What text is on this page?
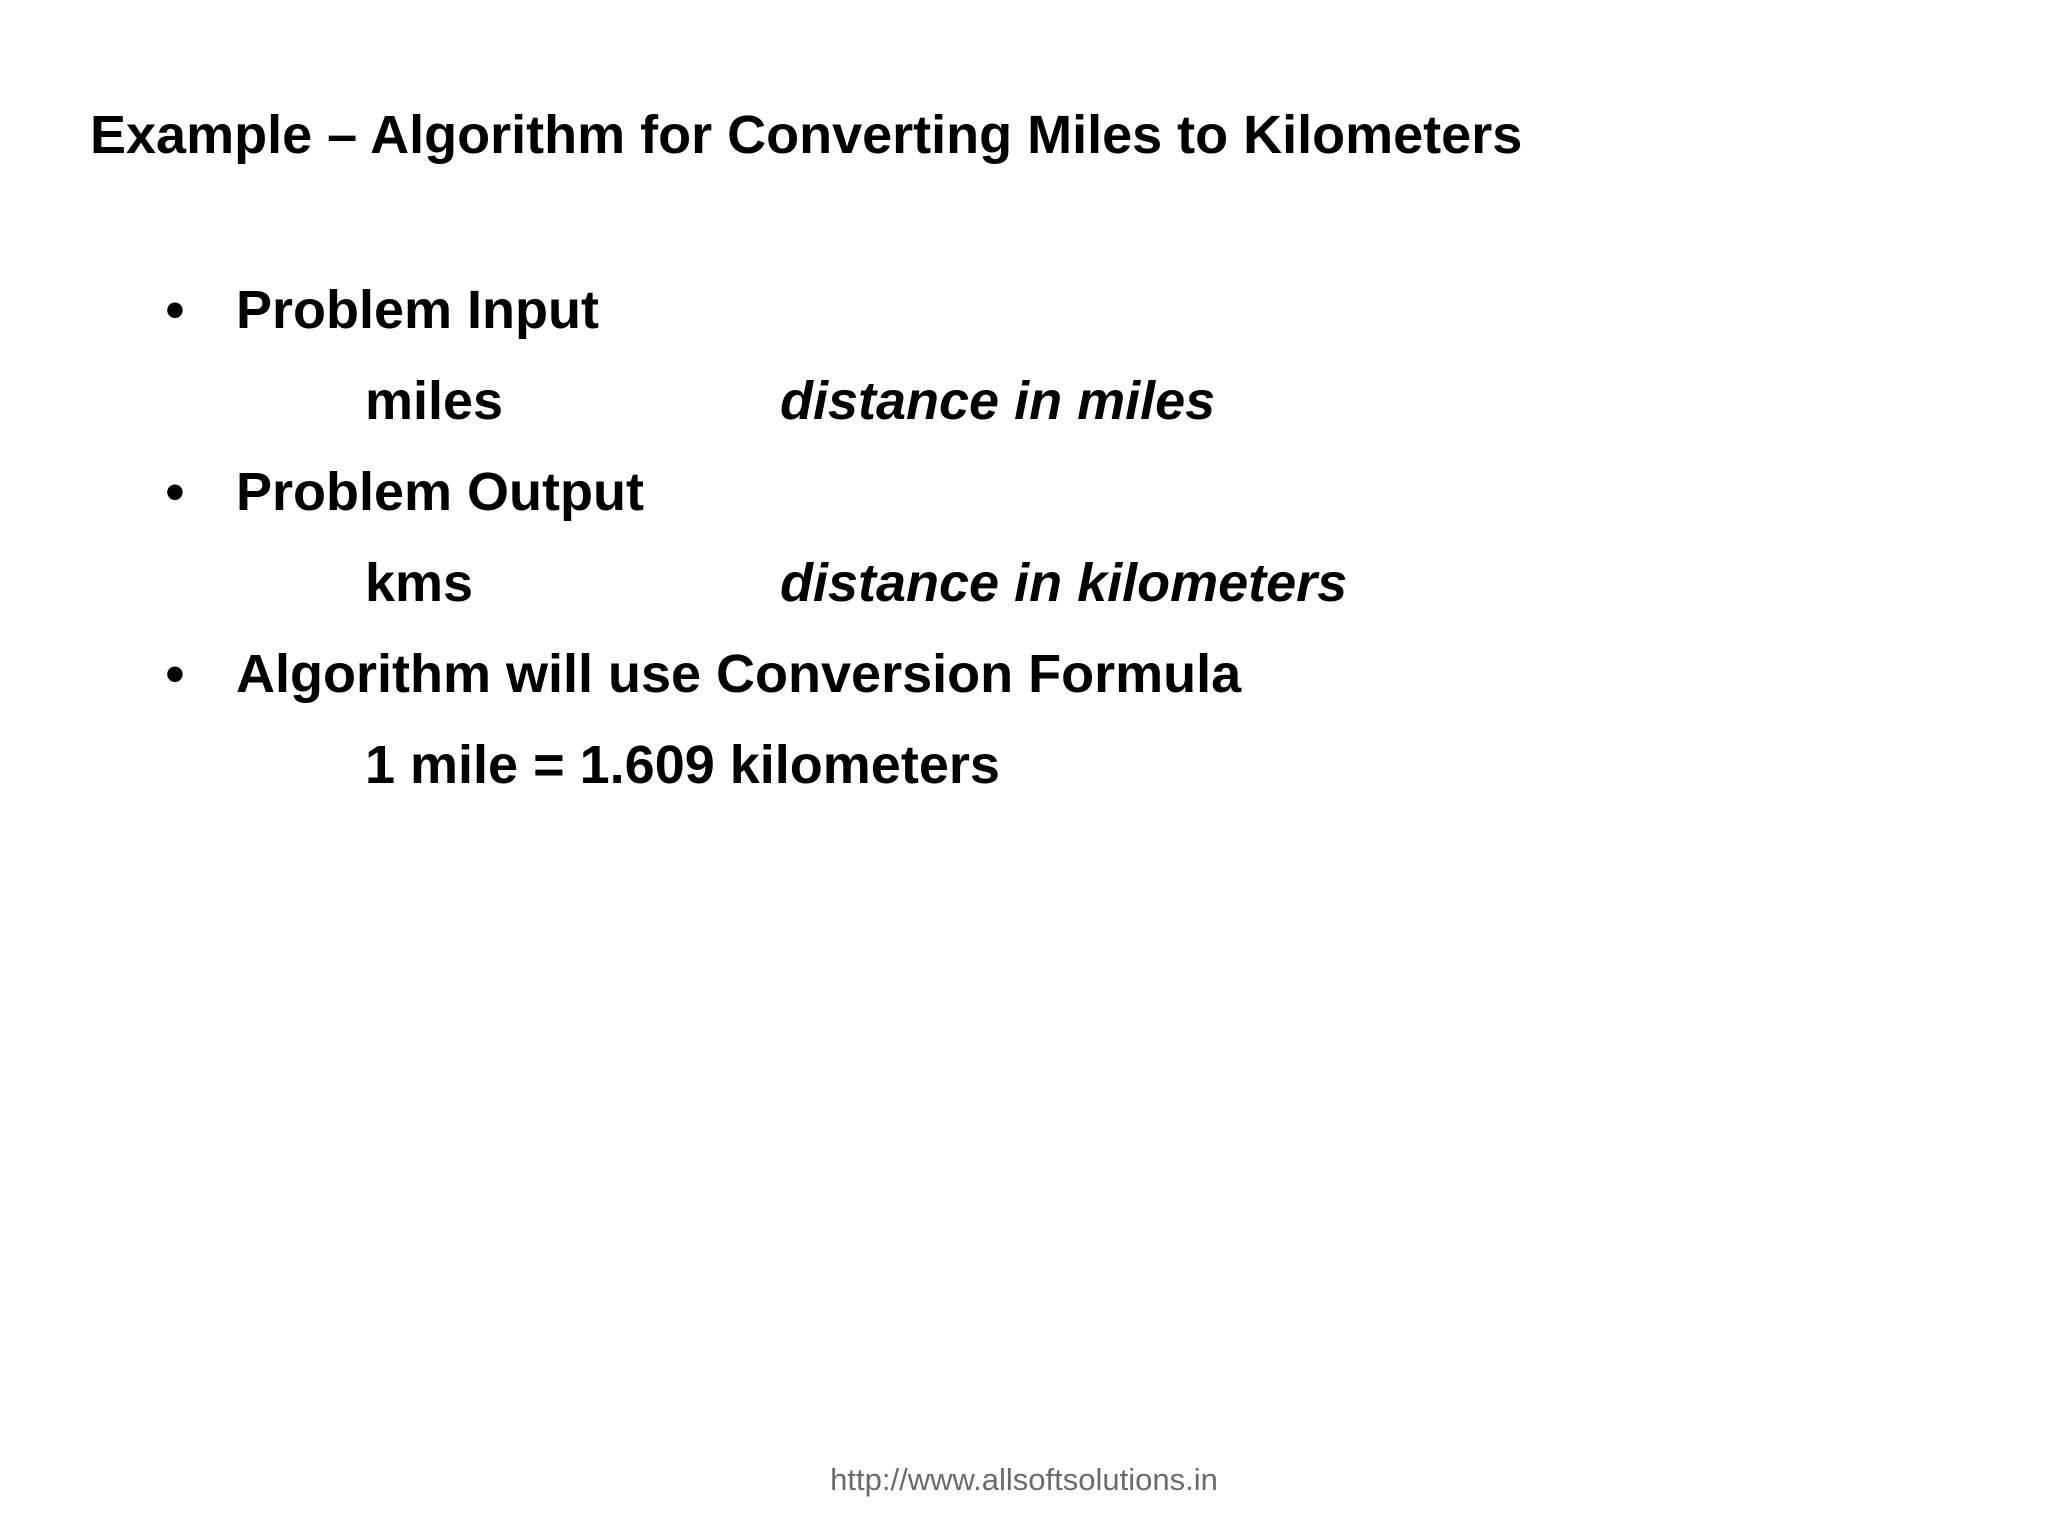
Example – Algorithm for Converting Miles to Kilometers
• Problem Input
miles	distance in miles
• Problem Output
kms	distance in kilometers
• Algorithm will use Conversion Formula
1 mile = 1.609 kilometers
http://www.allsoftsolutions.in
